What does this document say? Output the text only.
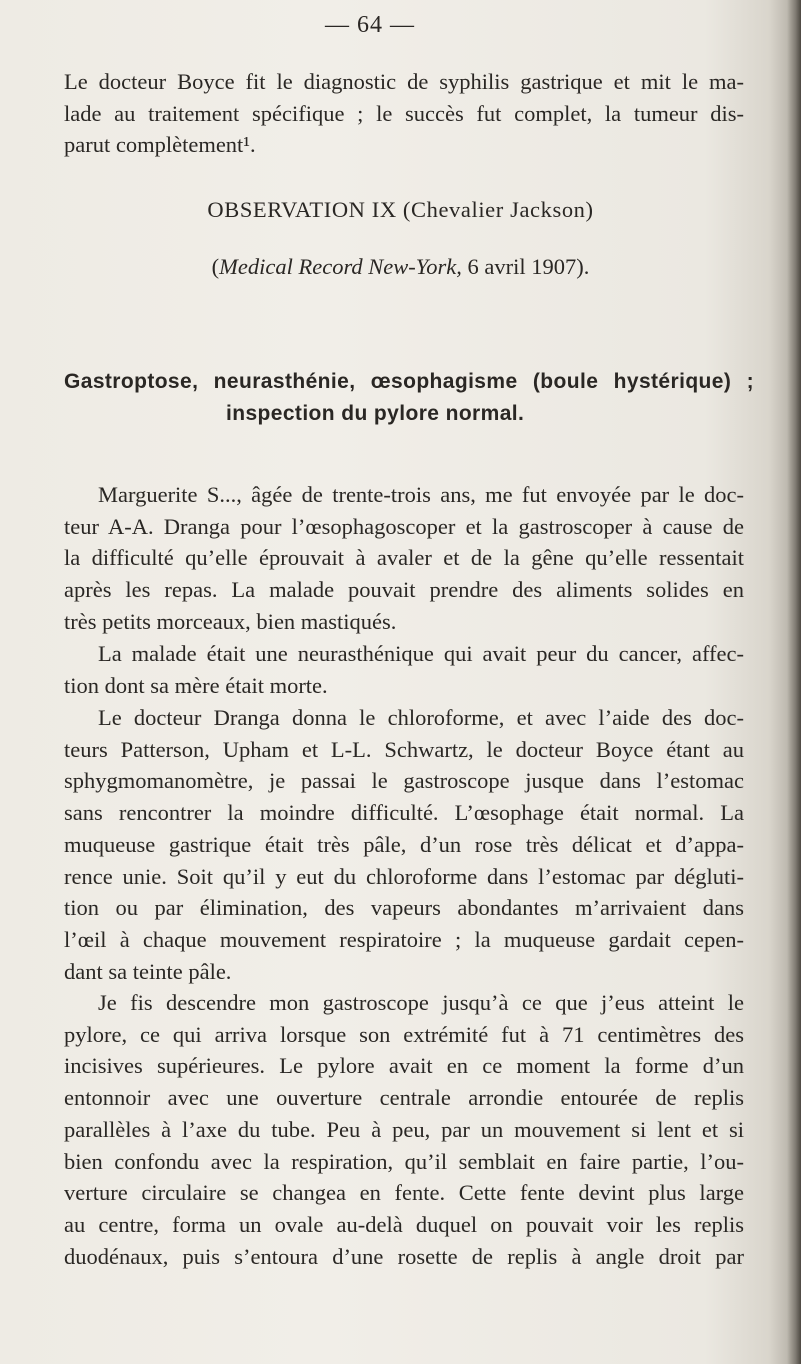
— 64 —
Le docteur Boyce fit le diagnostic de syphilis gastrique et mit le ma-
lade au traitement spécifique ; le succès fut complet, la tumeur dis-
parut complètement¹.
OBSERVATION IX (Chevalier Jackson)
(Medical Record New-York, 6 avril 1907).
Gastroptose, neurasthénie, œsophagisme (boule hystérique) ;
inspection du pylore normal.
Marguerite S..., âgée de trente-trois ans, me fut envoyée par le doc-
teur A-A. Dranga pour l’œsophagoscoper et la gastroscoper à cause de
la difficulté qu’elle éprouvait à avaler et de la gêne qu’elle ressentait
après les repas. La malade pouvait prendre des aliments solides en
très petits morceaux, bien mastiqués.
La malade était une neurasthénique qui avait peur du cancer, affec-
tion dont sa mère était morte.
Le docteur Dranga donna le chloroforme, et avec l’aide des doc-
teurs Patterson, Upham et L-L. Schwartz, le docteur Boyce étant au
sphygmomanomètre, je passai le gastroscope jusque dans l’estomac
sans rencontrer la moindre difficulté. L’œsophage était normal. La
muqueuse gastrique était très pâle, d’un rose très délicat et d’appa-
rence unie. Soit qu’il y eut du chloroforme dans l’estomac par dégluti-
tion ou par élimination, des vapeurs abondantes m’arrivaient dans
l’œil à chaque mouvement respiratoire ; la muqueuse gardait cepen-
dant sa teinte pâle.
Je fis descendre mon gastroscope jusqu’à ce que j’eus atteint le
pylore, ce qui arriva lorsque son extrémité fut à 71 centimètres des
incisives supérieures. Le pylore avait en ce moment la forme d’un
entonnoir avec une ouverture centrale arrondie entourée de replis
parallèles à l’axe du tube. Peu à peu, par un mouvement si lent et si
bien confondu avec la respiration, qu’il semblait en faire partie, l’ou-
verture circulaire se changea en fente. Cette fente devint plus large
au centre, forma un ovale au-delà duquel on pouvait voir les replis
duodénaux, puis s’entoura d’une rosette de replis à angle droit par
